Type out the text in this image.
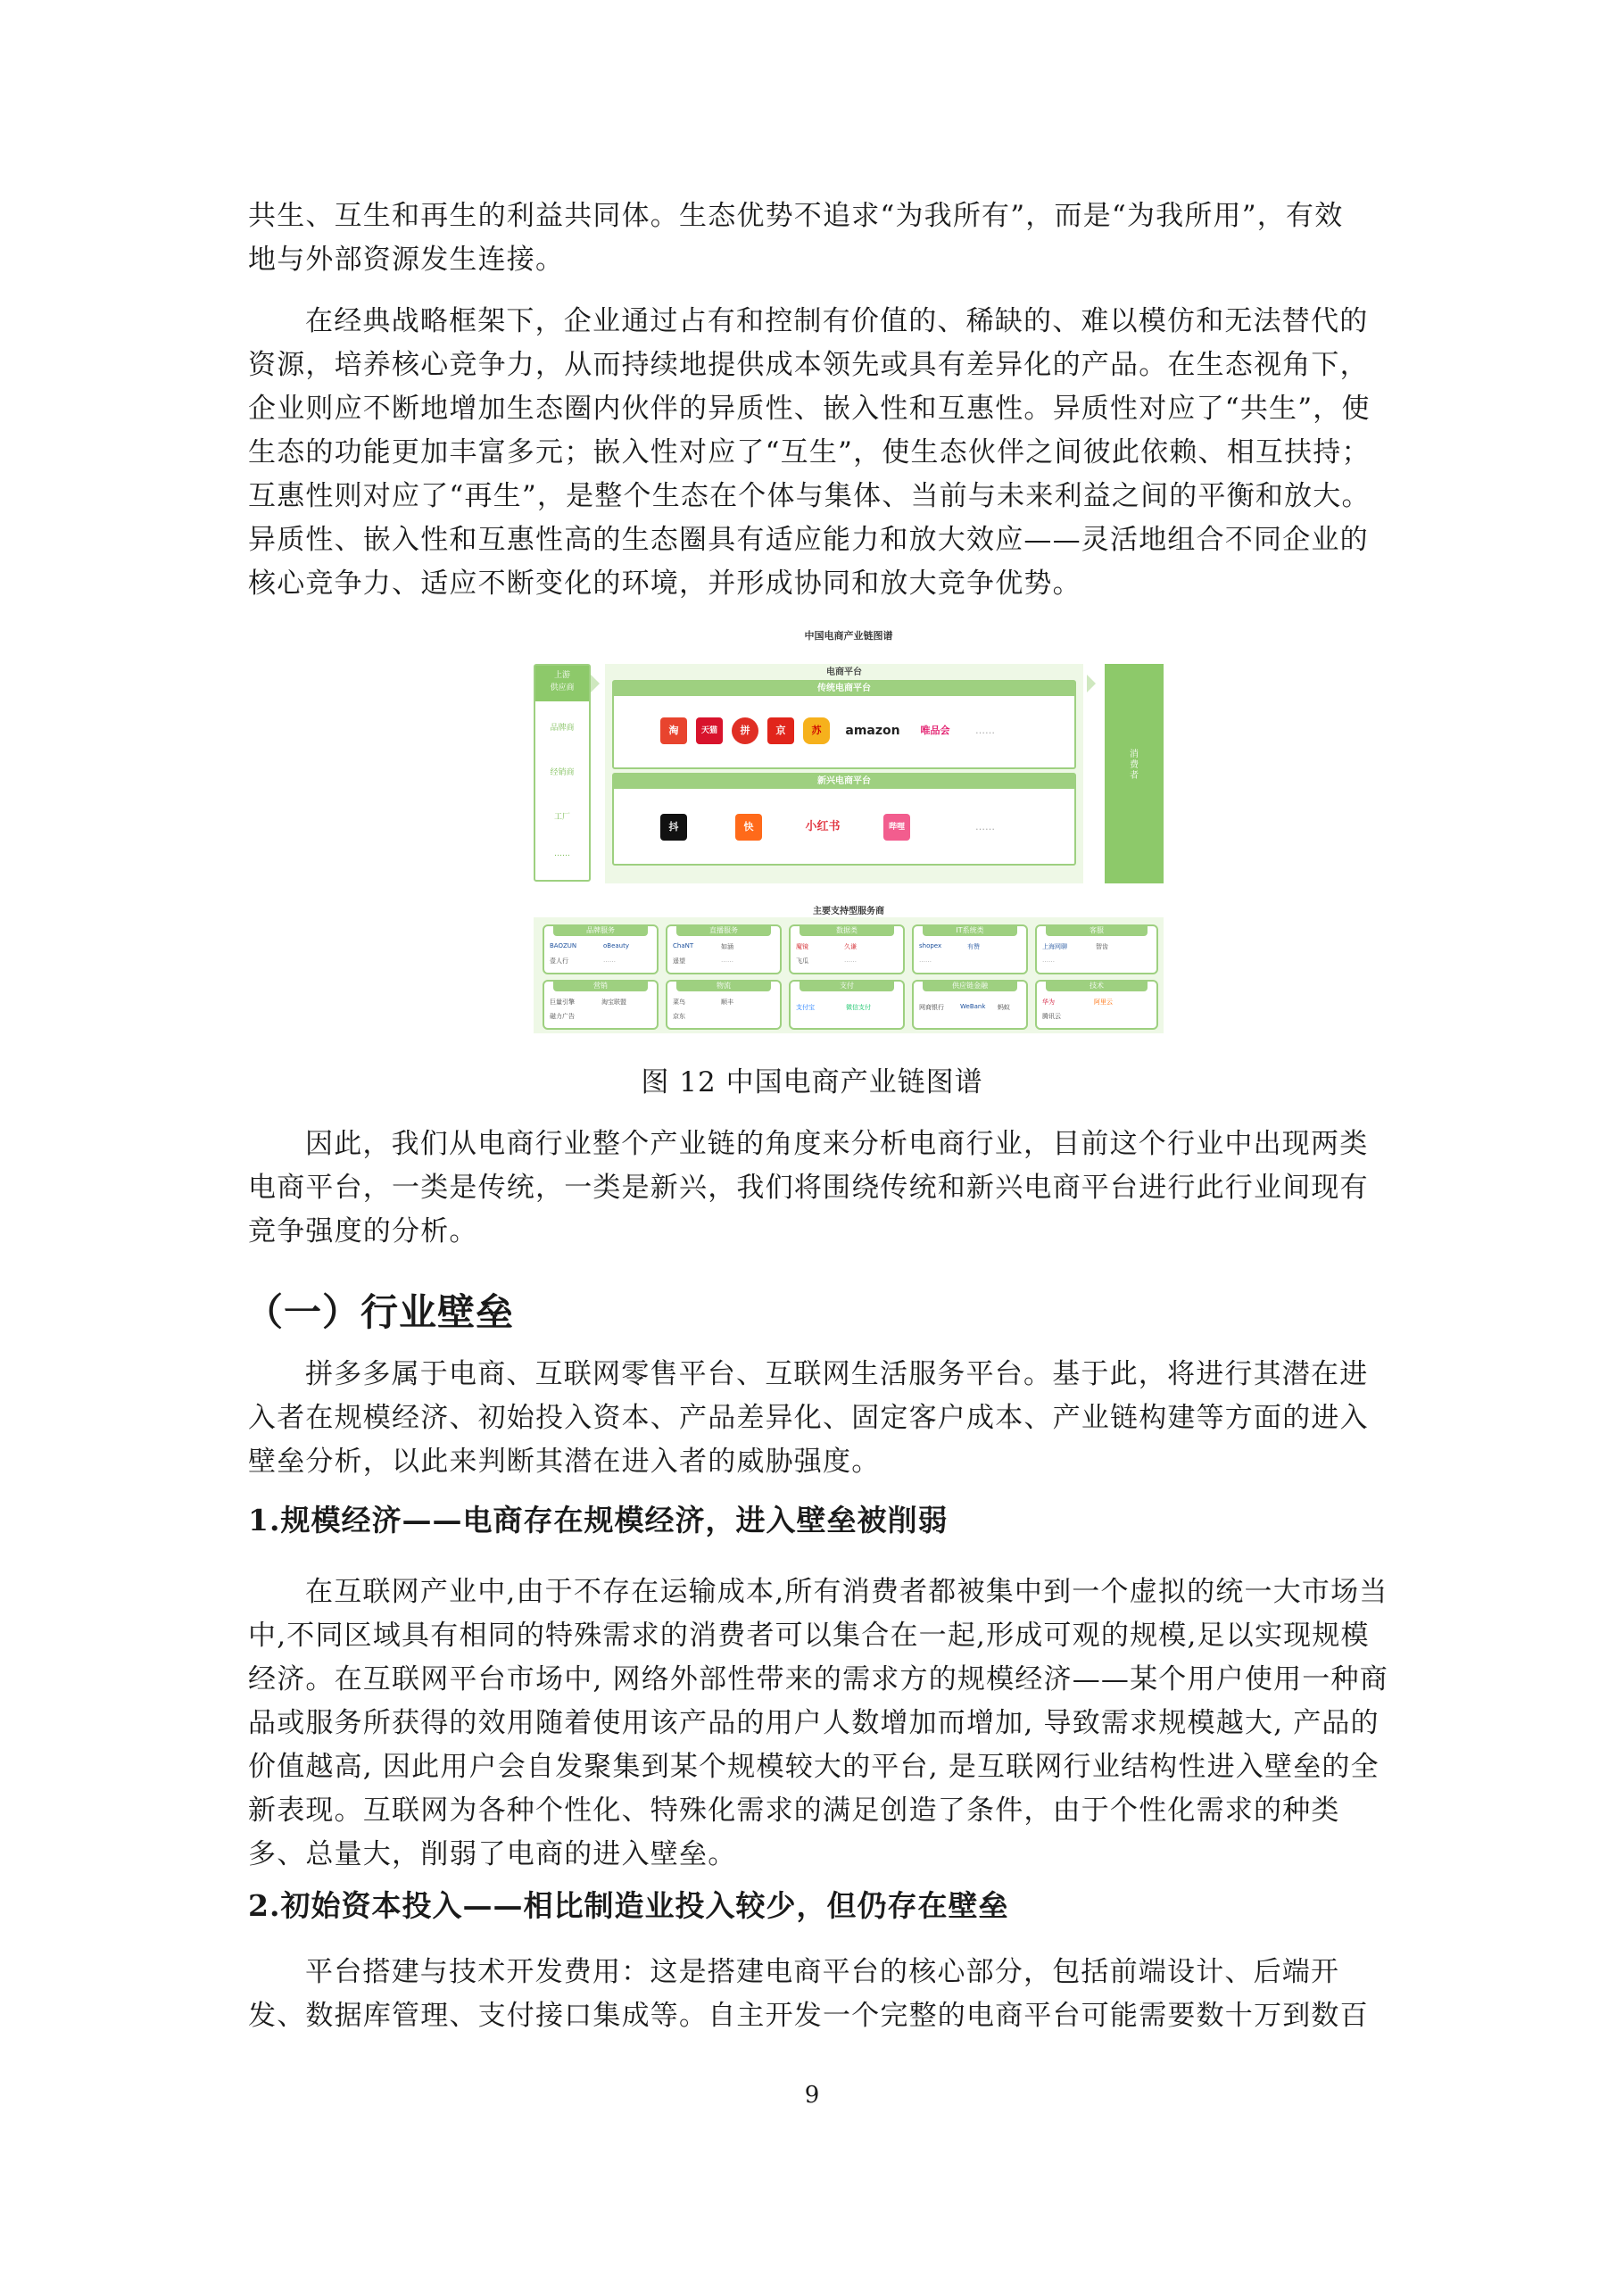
共生、互生和再生的利益共同体。生态优势不追求“为我所有”，而是“为我所用”，有效
地与外部资源发生连接。
在经典战略框架下，企业通过占有和控制有价值的、稀缺的、难以模仿和无法替代的
资源，培养核心竞争力，从而持续地提供成本领先或具有差异化的产品。在生态视角下，
企业则应不断地增加生态圈内伙伴的异质性、嵌入性和互惠性。异质性对应了“共生”，使
生态的功能更加丰富多元；嵌入性对应了“互生”，使生态伙伴之间彼此依赖、相互扶持；
互惠性则对应了“再生”，是整个生态在个体与集体、当前与未来利益之间的平衡和放大。
异质性、嵌入性和互惠性高的生态圈具有适应能力和放大效应——灵活地组合不同企业的
核心竞争力、适应不断变化的环境，并形成协同和放大竞争优势。
中国电商产业链图谱
上游
供应商
品牌商
经销商
工厂
……
电商平台
传统电商平台
淘	天猫	拼	京	苏	amazon	唯品会	……
新兴电商平台
抖	快	小红书	哔哩	……
消费者
主要支持型服务商
品牌服务
BAOZUN	oBeauty
壹人行	……
直播服务
ChaNT	如涵
遥望	……
数据类
魔镜	久谦
飞瓜	……
IT系统类
shopex	有赞
……
客服
上海网聊	智齿
……
营销
巨量引擎	淘宝联盟
磁力广告
物流
菜鸟	顺丰
京东
支付
支付宝	微信支付
供应链金融
网商银行	WeBank 蚂蚁
技术
华为	阿里云
腾讯云
图 12 中国电商产业链图谱
因此，我们从电商行业整个产业链的角度来分析电商行业，目前这个行业中出现两类
电商平台，一类是传统，一类是新兴，我们将围绕传统和新兴电商平台进行此行业间现有
竞争强度的分析。
（一）行业壁垒
拼多多属于电商、互联网零售平台、互联网生活服务平台。基于此，将进行其潜在进
入者在规模经济、初始投入资本、产品差异化、固定客户成本、产业链构建等方面的进入
壁垒分析，以此来判断其潜在进入者的威胁强度。
1.规模经济——电商存在规模经济，进入壁垒被削弱
在互联网产业中,由于不存在运输成本,所有消费者都被集中到一个虚拟的统一大市场当
中,不同区域具有相同的特殊需求的消费者可以集合在一起,形成可观的规模,足以实现规模
经济。在互联网平台市场中, 网络外部性带来的需求方的规模经济——某个用户使用一种商
品或服务所获得的效用随着使用该产品的用户人数增加而增加, 导致需求规模越大, 产品的
价值越高, 因此用户会自发聚集到某个规模较大的平台, 是互联网行业结构性进入壁垒的全
新表现。互联网为各种个性化、特殊化需求的满足创造了条件，由于个性化需求的种类
多、总量大，削弱了电商的进入壁垒。
2.初始资本投入——相比制造业投入较少，但仍存在壁垒
平台搭建与技术开发费用：这是搭建电商平台的核心部分，包括前端设计、后端开
发、数据库管理、支付接口集成等。自主开发一个完整的电商平台可能需要数十万到数百
9
